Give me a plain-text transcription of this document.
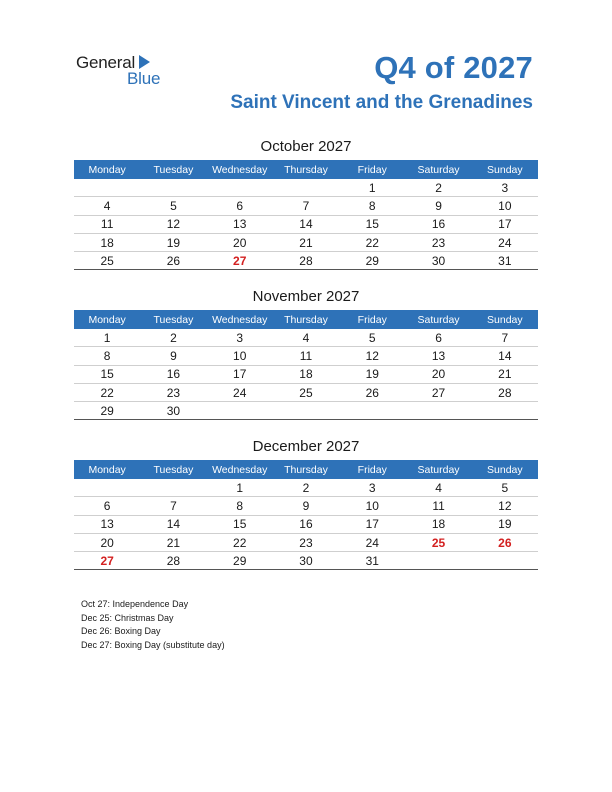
General
Blue	Q4 of 2027
Saint Vincent and the Grenadines
October 2027
Monday	Tuesday	Wednesday	Thursday	Friday	Saturday	Sunday
				1	2	3
4	5	6	7	8	9	10
11	12	13	14	15	16	17
18	19	20	21	22	23	24
25	26	27	28	29	30	31
November 2027
Monday	Tuesday	Wednesday	Thursday	Friday	Saturday	Sunday
1	2	3	4	5	6	7
8	9	10	11	12	13	14
15	16	17	18	19	20	21
22	23	24	25	26	27	28
29	30					
December 2027
Monday	Tuesday	Wednesday	Thursday	Friday	Saturday	Sunday
		1	2	3	4	5
6	7	8	9	10	11	12
13	14	15	16	17	18	19
20	21	22	23	24	25	26
27	28	29	30	31		
Oct 27: Independence Day
Dec 25: Christmas Day
Dec 26: Boxing Day
Dec 27: Boxing Day (substitute day)
